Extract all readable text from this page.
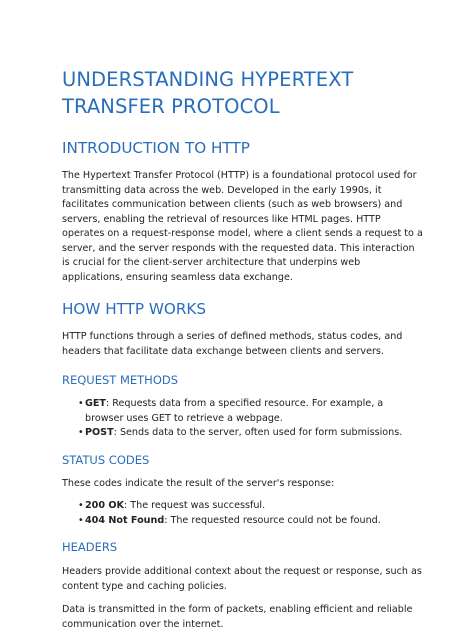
UNDERSTANDING HYPERTEXT TRANSFER PROTOCOL
INTRODUCTION TO HTTP

The Hypertext Transfer Protocol (HTTP) is a foundational protocol used for transmitting data across the web. Developed in the early 1990s, it facilitates communication between clients (such as web browsers) and servers, enabling the retrieval of resources like HTML pages. HTTP operates on a request-response model, where a client sends a request to a server, and the server responds with the requested data. This interaction is crucial for the client-server architecture that underpins web applications, ensuring seamless data exchange.

HOW HTTP WORKS

HTTP functions through a series of defined methods, status codes, and headers that facilitate data exchange between clients and servers.

REQUEST METHODS
• GET: Requests data from a specified resource. For example, a browser uses GET to retrieve a webpage.
• POST: Sends data to the server, often used for form submissions.
STATUS CODES

These codes indicate the result of the server's response:

• 200 OK: The request was successful.
• 404 Not Found: The requested resource could not be found.
HEADERS

Headers provide additional context about the request or response, such as content type and caching policies.

Data is transmitted in the form of packets, enabling efficient and reliable communication over the internet.
